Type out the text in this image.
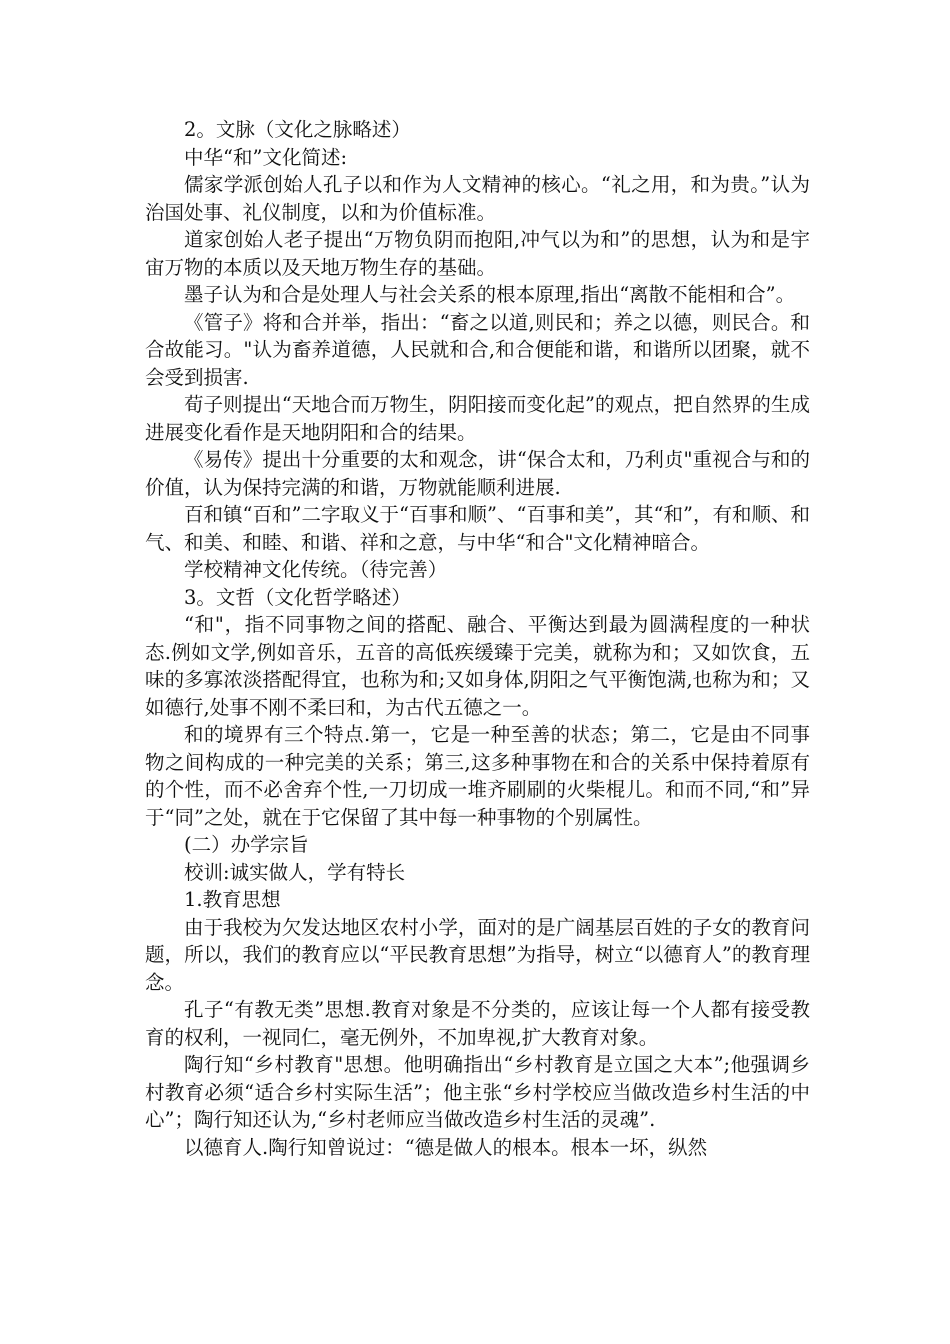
2。文脉（文化之脉略述）

中华“和”文化简述:

儒家学派创始人孔子以和作为人文精神的核心。“礼之用，和为贵。”认为治国处事、礼仪制度，以和为价值标准。

道家创始人老子提出“万物负阴而抱阳,冲气以为和”的思想，认为和是宇宙万物的本质以及天地万物生存的基础。

墨子认为和合是处理人与社会关系的根本原理,指出“离散不能相和合”。

《管子》将和合并举，指出：“畜之以道,则民和；养之以德，则民合。和合故能习。"认为畜养道德，人民就和合,和合便能和谐，和谐所以团聚，就不会受到损害.

荀子则提出“天地合而万物生，阴阳接而变化起”的观点，把自然界的生成进展变化看作是天地阴阳和合的结果。

《易传》提出十分重要的太和观念，讲“保合太和，乃利贞"重视合与和的价值，认为保持完满的和谐，万物就能顺利进展.

百和镇“百和”二字取义于“百事和顺”、“百事和美”，其“和”，有和顺、和气、和美、和睦、和谐、祥和之意，与中华“和合"文化精神暗合。

学校精神文化传统。（待完善）

3。文哲（文化哲学略述）

“和"，指不同事物之间的搭配、融合、平衡达到最为圆满程度的一种状态.例如文学,例如音乐，五音的高低疾缓臻于完美，就称为和；又如饮食，五味的多寡浓淡搭配得宜，也称为和;又如身体,阴阳之气平衡饱满,也称为和；又如德行,处事不刚不柔曰和，为古代五德之一。

和的境界有三个特点.第一，它是一种至善的状态；第二，它是由不同事物之间构成的一种完美的关系；第三,这多种事物在和合的关系中保持着原有的个性，而不必舍弃个性,一刀切成一堆齐刷刷的火柴棍儿。和而不同,“和”异于“同”之处，就在于它保留了其中每一种事物的个别属性。

(二）办学宗旨

校训:诚实做人，学有特长

1.教育思想

由于我校为欠发达地区农村小学，面对的是广阔基层百姓的子女的教育问题，所以，我们的教育应以“平民教育思想”为指导，树立“以德育人”的教育理念。

孔子“有教无类”思想.教育对象是不分类的，应该让每一个人都有接受教育的权利，一视同仁，毫无例外，不加卑视,扩大教育对象。

陶行知“乡村教育"思想。他明确指出“乡村教育是立国之大本”;他强调乡村教育必须“适合乡村实际生活”；他主张“乡村学校应当做改造乡村生活的中心”；陶行知还认为,“乡村老师应当做改造乡村生活的灵魂”.

以德育人.陶行知曾说过：“德是做人的根本。根本一坏，纵然
